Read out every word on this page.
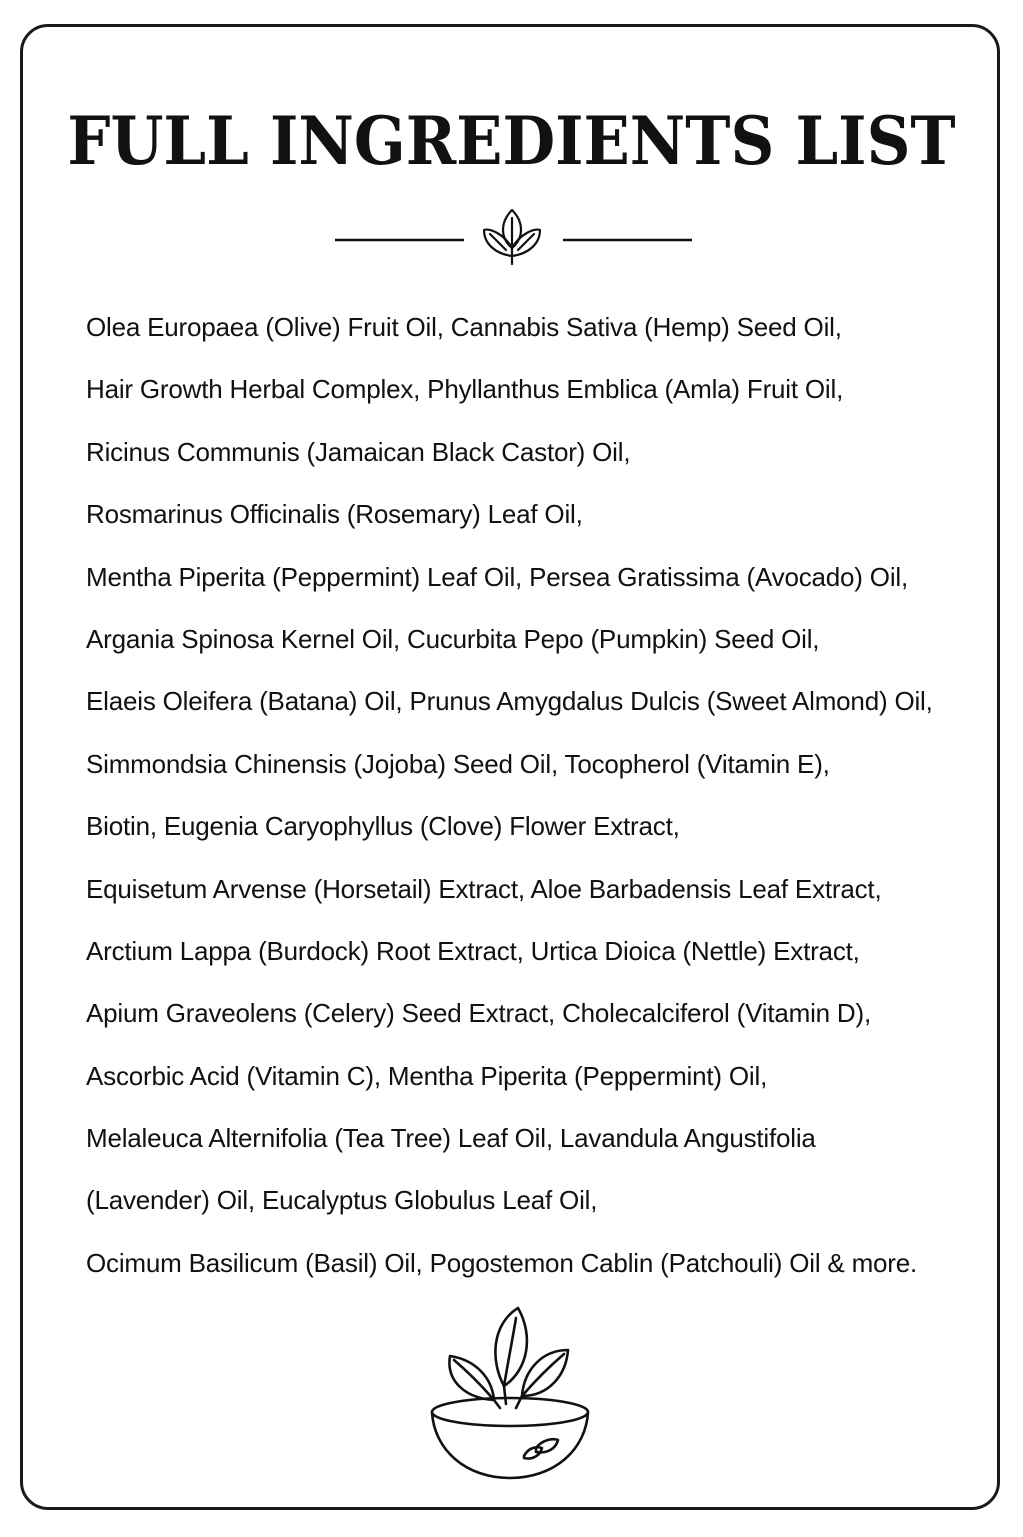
FULL INGREDIENTS LIST
Olea Europaea (Olive) Fruit Oil, Cannabis Sativa (Hemp) Seed Oil,
Hair Growth Herbal Complex, Phyllanthus Emblica (Amla) Fruit Oil,
Ricinus Communis (Jamaican Black Castor) Oil,
Rosmarinus Officinalis (Rosemary) Leaf Oil,
Mentha Piperita (Peppermint) Leaf Oil, Persea Gratissima (Avocado) Oil,
Argania Spinosa Kernel Oil, Cucurbita Pepo (Pumpkin) Seed Oil,
Elaeis Oleifera (Batana) Oil, Prunus Amygdalus Dulcis (Sweet Almond) Oil,
Simmondsia Chinensis (Jojoba) Seed Oil, Tocopherol (Vitamin E),
Biotin, Eugenia Caryophyllus (Clove) Flower Extract,
Equisetum Arvense (Horsetail) Extract, Aloe Barbadensis Leaf Extract,
Arctium Lappa (Burdock) Root Extract, Urtica Dioica (Nettle) Extract,
Apium Graveolens (Celery) Seed Extract, Cholecalciferol (Vitamin D),
Ascorbic Acid (Vitamin C), Mentha Piperita (Peppermint) Oil,
Melaleuca Alternifolia (Tea Tree) Leaf Oil, Lavandula Angustifolia
(Lavender) Oil, Eucalyptus Globulus Leaf Oil,
Ocimum Basilicum (Basil) Oil, Pogostemon Cablin (Patchouli) Oil & more.
